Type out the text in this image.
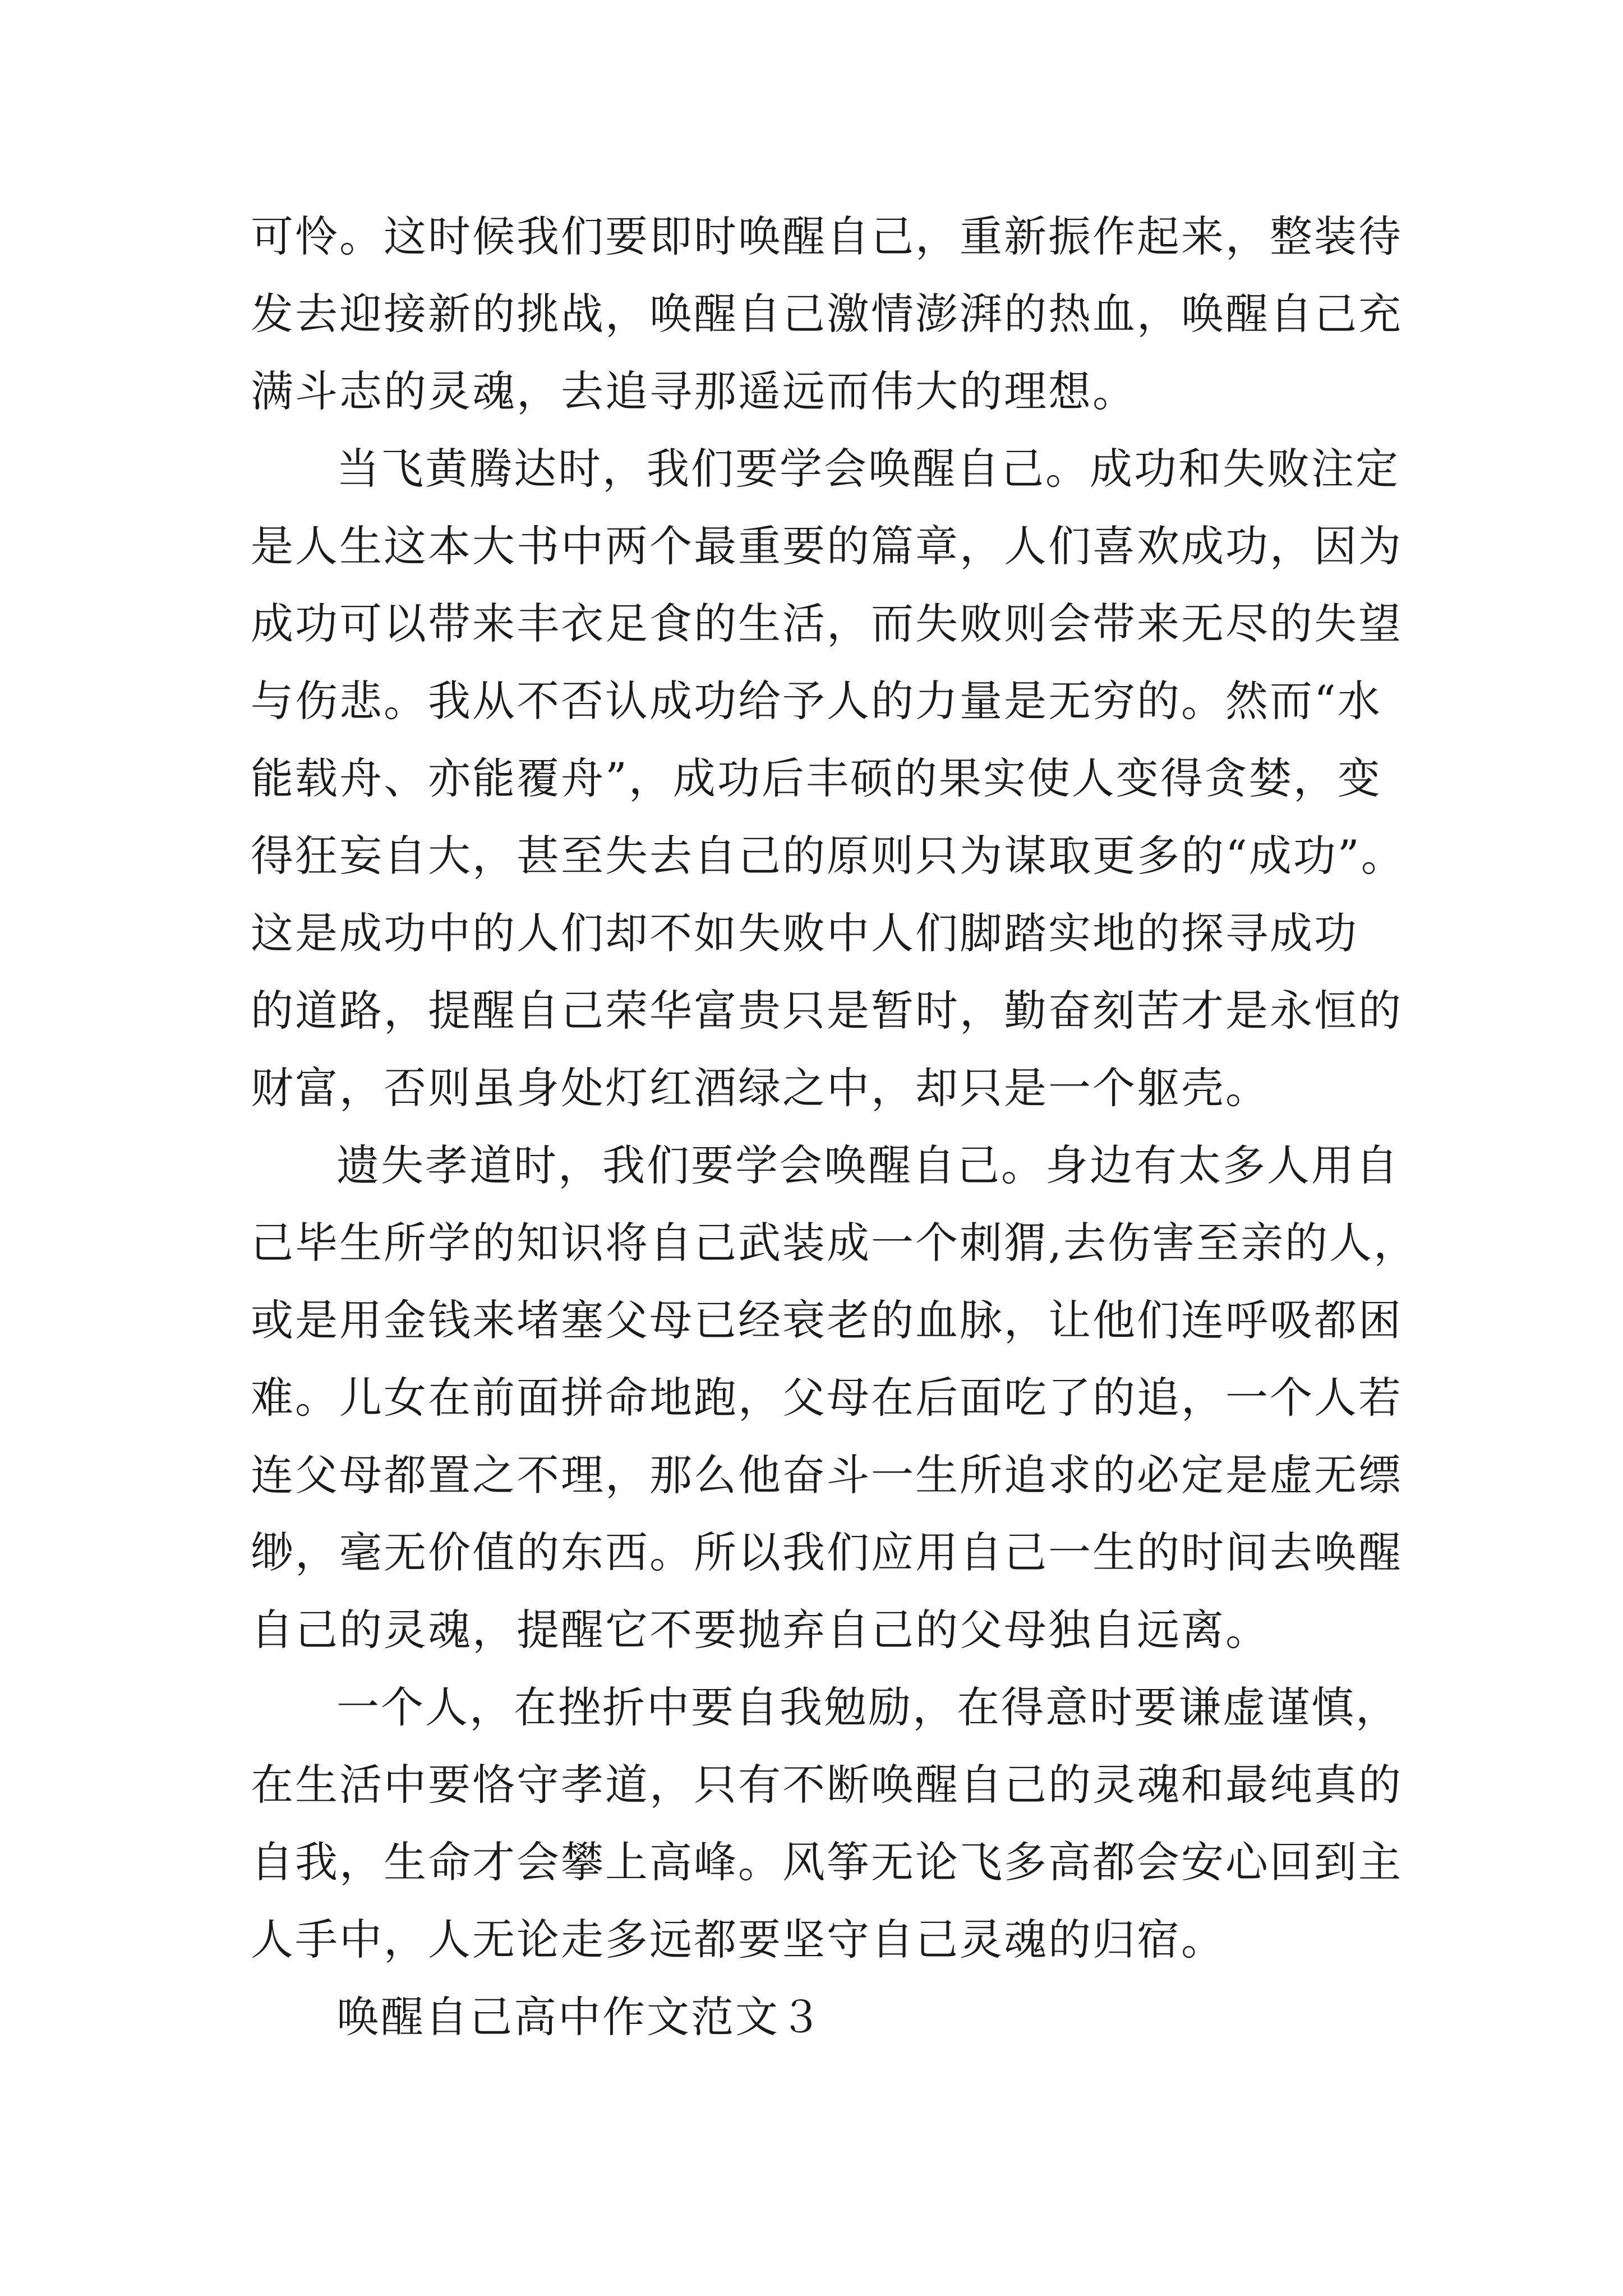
可怜。这时候我们要即时唤醒自己，重新振作起来，整装待
发去迎接新的挑战，唤醒自己激情澎湃的热血，唤醒自己充
满斗志的灵魂，去追寻那遥远而伟大的理想。
当飞黄腾达时，我们要学会唤醒自己。成功和失败注定
是人生这本大书中两个最重要的篇章，人们喜欢成功，因为
成功可以带来丰衣足食的生活，而失败则会带来无尽的失望
与伤悲。我从不否认成功给予人的力量是无穷的。然而“水
能载舟、亦能覆舟”，成功后丰硕的果实使人变得贪婪，变
得狂妄自大，甚至失去自己的原则只为谋取更多的“成功”。
这是成功中的人们却不如失败中人们脚踏实地的探寻成功
的道路，提醒自己荣华富贵只是暂时，勤奋刻苦才是永恒的
财富，否则虽身处灯红酒绿之中，却只是一个躯壳。
遗失孝道时，我们要学会唤醒自己。身边有太多人用自
己毕生所学的知识将自己武装成一个刺猬,去伤害至亲的人，
或是用金钱来堵塞父母已经衰老的血脉，让他们连呼吸都困
难。儿女在前面拼命地跑，父母在后面吃了的追，一个人若
连父母都置之不理，那么他奋斗一生所追求的必定是虚无缥
缈，毫无价值的东西。所以我们应用自己一生的时间去唤醒
自己的灵魂，提醒它不要抛弃自己的父母独自远离。
一个人，在挫折中要自我勉励，在得意时要谦虚谨慎，
在生活中要恪守孝道，只有不断唤醒自己的灵魂和最纯真的
自我，生命才会攀上高峰。风筝无论飞多高都会安心回到主
人手中，人无论走多远都要坚守自己灵魂的归宿。
唤醒自己高中作文范文３
